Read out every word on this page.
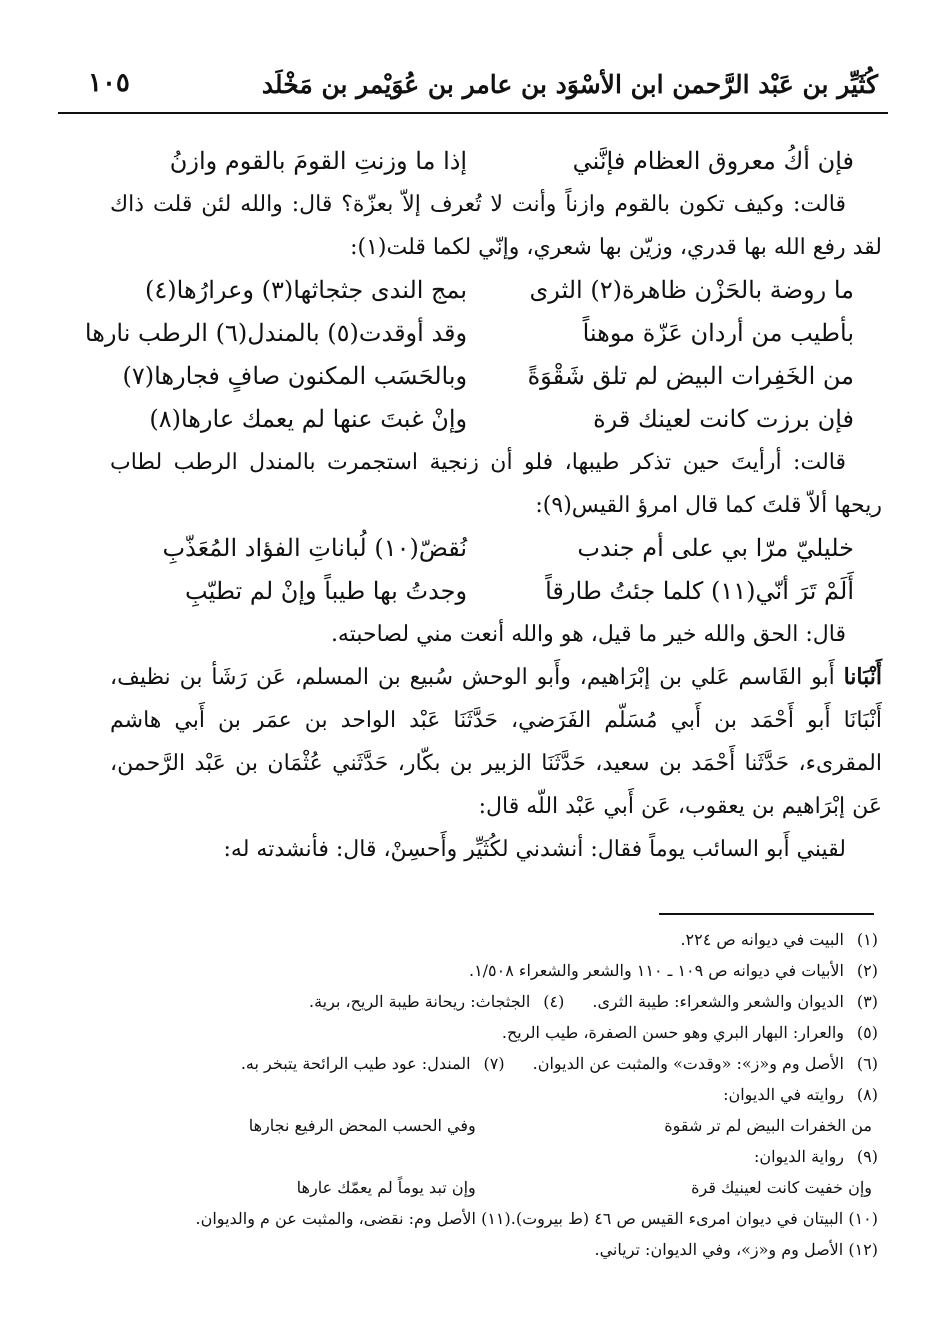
كُثَيِّر بن عَبْد الرَّحمن ابن الأسْوَد بن عامر بن عُوَيْمر بن مَخْلَد
١٠٥
فإن أكُ معروق العظام فإنَّني
إذا ما وزنتِ القومَ بالقوم وازنُ

قالت: وكيف تكون بالقوم وازناً وأنت لا تُعرف إلاّ بعزّة؟ قال: والله لئن قلت ذاك لقد رفع الله بها قدري، وزيّن بها شعري، وإنّي لكما قلت(١):

ما روضة بالحَزْن ظاهرة(٢) الثرى
بمج الندى جثجاثها(٣) وعرارُها(٤)
بأطيب من أردان عَزّة موهناً
وقد أوقدت(٥) بالمندل(٦) الرطب نارها
من الخَفِرات البيض لم تلق شَقْوَةً
وبالحَسَب المكنون صافٍ فجارها(٧)
فإن برزت كانت لعينك قرة
وإنْ غبتَ عنها لم يعمك عارها(٨)

قالت: أرأيتَ حين تذكر طيبها، فلو أن زنجية استجمرت بالمندل الرطب لطاب ريحها ألاّ قلتَ كما قال امرؤ القيس(٩):

خليليّ مرّا بي على أم جندب
نُقضّ(١٠) لُباناتِ الفؤاد المُعَذّبِ
أَلَمْ تَرَ أنّي(١١) كلما جئتُ طارقاً
وجدتُ بها طيباً وإنْ لم تطيّبِ

قال: الحق والله خير ما قيل، هو والله أنعت مني لصاحبته.

أَنْبَانا أَبو القَاسم عَلي بن إبْرَاهيم، وأَبو الوحش سُبيع بن المسلم، عَن رَشَأ بن نظيف، أَنْبَانَا أَبو أَحْمَد بن أَبي مُسَلّم الفَرَضي، حَدَّثَنَا عَبْد الواحد بن عمَر بن أَبي هاشم المقرىء، حَدَّثَنا أَحْمَد بن سعيد، حَدَّثَنَا الزبير بن بكّار، حَدَّثَني عُثْمَان بن عَبْد الرَّحمن، عَن إبْرَاهيم بن يعقوب، عَن أَبي عَبْد اللّه قال:

لقيني أَبو السائب يوماً فقال: أنشدني لكُثَيِّر وأَحسِنْ، قال: فأنشدته له:

(١)
البيت في ديوانه ص ٢٢٤.
(٢)
الأبيات في ديوانه ص ١٠٩ ـ ١١٠ والشعر والشعراء ١/٥٠٨.
(٣)
الديوان والشعر والشعراء: طيبة الثرى.
(٤)
الجثجاث: ريحانة طيبة الريح، برية.
(٥)
والعرار: البهار البري وهو حسن الصفرة، طيب الريح.
(٦)
الأصل وم و«ز»: «وقدت» والمثبت عن الديوان.
(٧)
المندل: عود طيب الرائحة يتبخر به.
(٨)
روايته في الديوان:
من الخفرات البيض لم تر شقوة
وفي الحسب المحض الرفيع نجارها
(٩)
رواية الديوان:
وإن خفيت كانت لعينيك قرة
وإن تبد يوماً لم يعمّك عارها
(١٠) البيتان في ديوان امرىء القيس ص ٤٦ (ط بيروت).
(١١) الأصل وم: نقضى، والمثبت عن م والديوان.
(١٢) الأصل وم و«ز»، وفي الديوان: ترياني.
